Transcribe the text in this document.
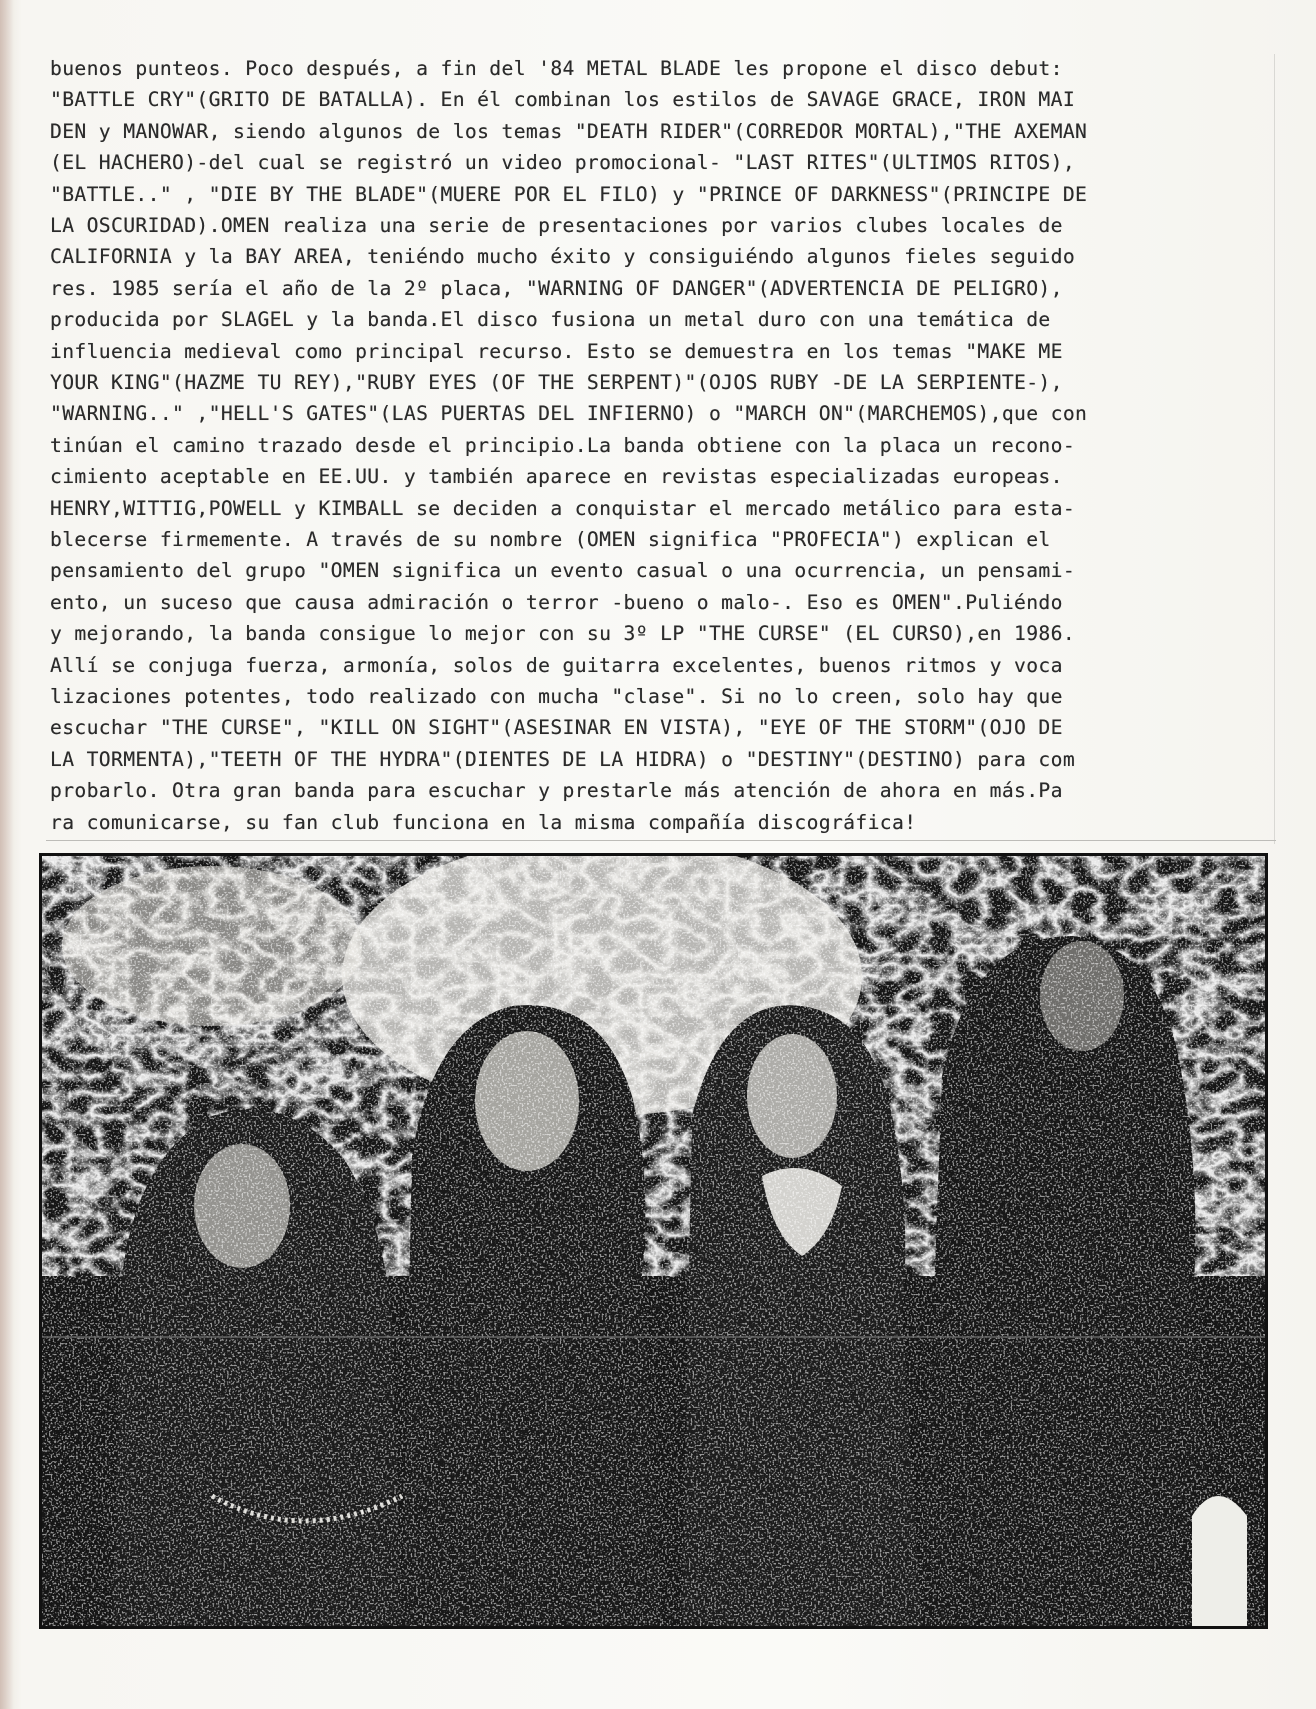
buenos punteos. Poco después, a fin del '84 METAL BLADE les propone el disco debut:
"BATTLE CRY"(GRITO DE BATALLA). En él combinan los estilos de SAVAGE GRACE, IRON MAI
DEN y MANOWAR, siendo algunos de los temas "DEATH RIDER"(CORREDOR MORTAL),"THE AXEMAN
(EL HACHERO)-del cual se registró un video promocional- "LAST RITES"(ULTIMOS RITOS),
"BATTLE.." , "DIE BY THE BLADE"(MUERE POR EL FILO) y "PRINCE OF DARKNESS"(PRINCIPE DE
LA OSCURIDAD).OMEN realiza una serie de presentaciones por varios clubes locales de
CALIFORNIA y la BAY AREA, teniéndo mucho éxito y consiguiéndo algunos fieles seguido
res. 1985 sería el año de la 2º placa, "WARNING OF DANGER"(ADVERTENCIA DE PELIGRO),
producida por SLAGEL y la banda.El disco fusiona un metal duro con una temática de
influencia medieval como principal recurso. Esto se demuestra en los temas "MAKE ME
YOUR KING"(HAZME TU REY),"RUBY EYES (OF THE SERPENT)"(OJOS RUBY -DE LA SERPIENTE-),
"WARNING.." ,"HELL'S GATES"(LAS PUERTAS DEL INFIERNO) o "MARCH ON"(MARCHEMOS),que con
tinúan el camino trazado desde el principio.La banda obtiene con la placa un recono-
cimiento aceptable en EE.UU. y también aparece en revistas especializadas europeas.
HENRY,WITTIG,POWELL y KIMBALL se deciden a conquistar el mercado metálico para esta-
blecerse firmemente. A través de su nombre (OMEN significa "PROFECIA") explican el
pensamiento del grupo "OMEN significa un evento casual o una ocurrencia, un pensami-
ento, un suceso que causa admiración o terror -bueno o malo-. Eso es OMEN".Puliéndo
y mejorando, la banda consigue lo mejor con su 3º LP "THE CURSE" (EL CURSO),en 1986.
Allí se conjuga fuerza, armonía, solos de guitarra excelentes, buenos ritmos y voca
lizaciones potentes, todo realizado con mucha "clase". Si no lo creen, solo hay que
escuchar "THE CURSE", "KILL ON SIGHT"(ASESINAR EN VISTA), "EYE OF THE STORM"(OJO DE
LA TORMENTA),"TEETH OF THE HYDRA"(DIENTES DE LA HIDRA) o "DESTINY"(DESTINO) para com
probarlo. Otra gran banda para escuchar y prestarle más atención de ahora en más.Pa
ra comunicarse, su fan club funciona en la misma compañía discográfica!
